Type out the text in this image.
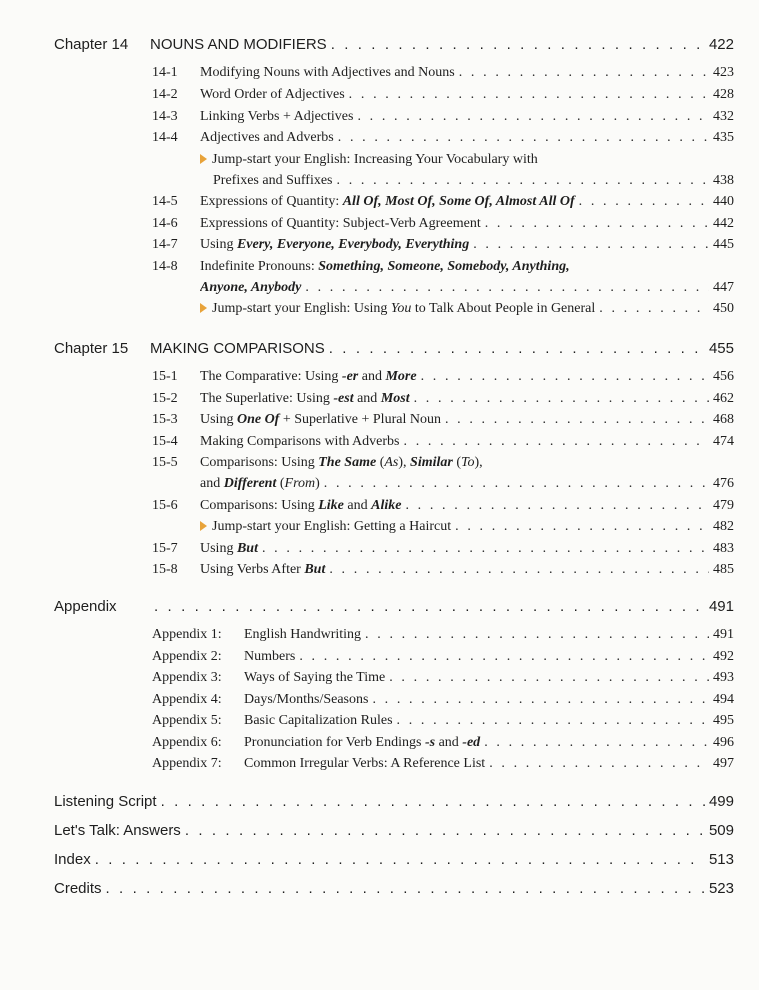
Chapter 14	NOUNS AND MODIFIERS . . .	422
14-1	Modifying Nouns with Adjectives and Nouns . . .	423
14-2	Word Order of Adjectives . . .	428
14-3	Linking Verbs + Adjectives . . .	432
14-4	Adjectives and Adverbs . . .	435
Jump-start your English: Increasing Your Vocabulary with
Prefixes and Suffixes . . .	438
14-5	Expressions of Quantity: All Of, Most Of, Some Of, Almost All Of . . .	440
14-6	Expressions of Quantity: Subject-Verb Agreement . . .	442
14-7	Using Every, Everyone, Everybody, Everything . . .	445
14-8 Indefinite Pronouns: Something, Someone, Somebody, Anything,
Anyone, Anybody . . .	447
Jump-start your English: Using You to Talk About People in General . . .	450
Chapter 15	MAKING COMPARISONS . . .	455
15-1	The Comparative: Using -er and More . . .	456
15-2	The Superlative: Using -est and Most . . .	462
15-3	Using One Of + Superlative + Plural Noun . . .	468
15-4	Making Comparisons with Adverbs . . .	474
15-5 Comparisons: Using The Same (As), Similar (To),
and Different (From) . . .	476
15-6	Comparisons: Using Like and Alike . . .	479
Jump-start your English: Getting a Haircut . . .	482
15-7	Using But . . .	483
15-8	Using Verbs After But . . .	485
Appendix . . .	491
Appendix 1:	English Handwriting . . .	491
Appendix 2:	Numbers . . .	492
Appendix 3:	Ways of Saying the Time . . .	493
Appendix 4:	Days/Months/Seasons . . .	494
Appendix 5:	Basic Capitalization Rules . . .	495
Appendix 6:	Pronunciation for Verb Endings -s and -ed . . .	496
Appendix 7:	Common Irregular Verbs: A Reference List . . .	497
Listening Script . . .	499
Let's Talk: Answers . . .	509
Index . . .	513
Credits . . .	523
